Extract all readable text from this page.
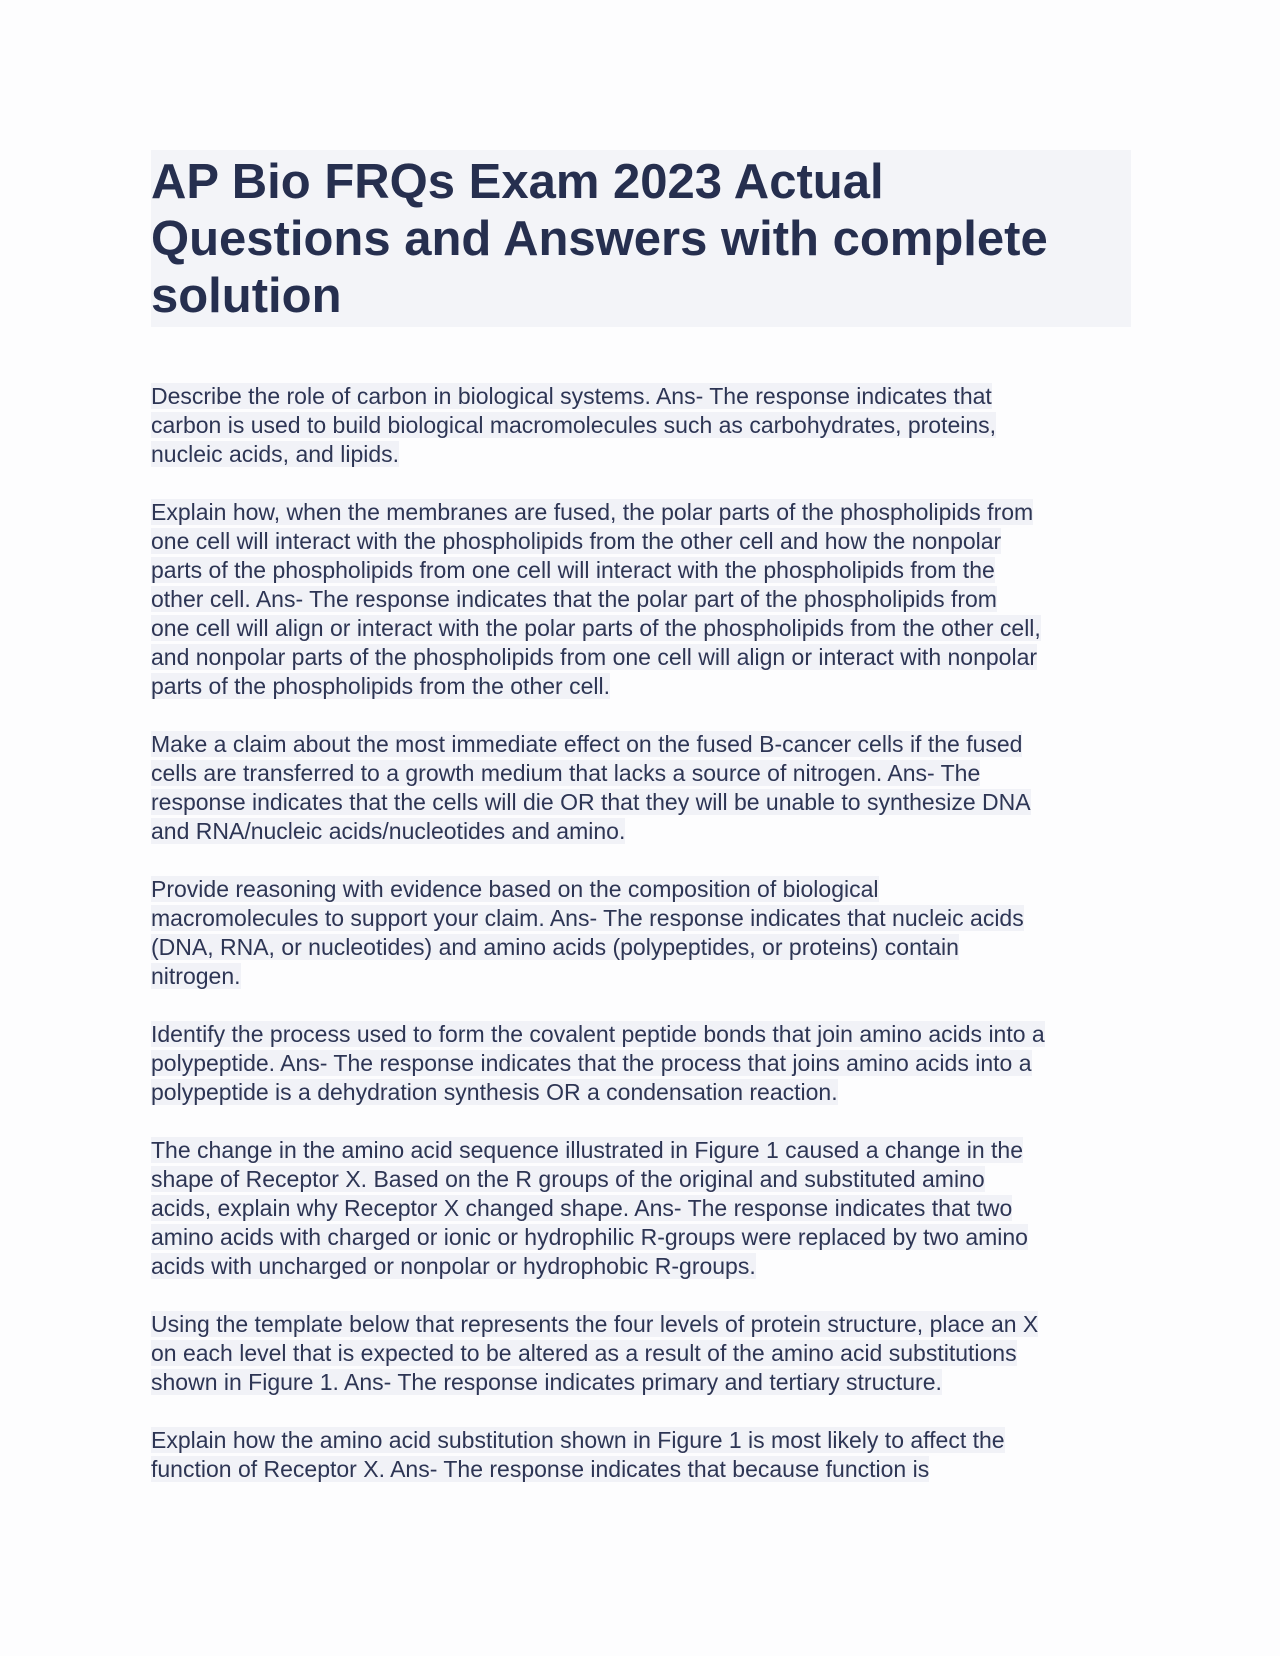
AP Bio FRQs Exam 2023 Actual
Questions and Answers with complete
solution

Describe the role of carbon in biological systems. Ans- The response indicates that
carbon is used to build biological macromolecules such as carbohydrates, proteins,
nucleic acids, and lipids.

Explain how, when the membranes are fused, the polar parts of the phospholipids from
one cell will interact with the phospholipids from the other cell and how the nonpolar
parts of the phospholipids from one cell will interact with the phospholipids from the
other cell. Ans- The response indicates that the polar part of the phospholipids from
one cell will align or interact with the polar parts of the phospholipids from the other cell,
and nonpolar parts of the phospholipids from one cell will align or interact with nonpolar
parts of the phospholipids from the other cell.

Make a claim about the most immediate effect on the fused B-cancer cells if the fused
cells are transferred to a growth medium that lacks a source of nitrogen. Ans- The
response indicates that the cells will die OR that they will be unable to synthesize DNA
and RNA/nucleic acids/nucleotides and amino.

Provide reasoning with evidence based on the composition of biological
macromolecules to support your claim. Ans- The response indicates that nucleic acids
(DNA, RNA, or nucleotides) and amino acids (polypeptides, or proteins) contain
nitrogen.

Identify the process used to form the covalent peptide bonds that join amino acids into a
polypeptide. Ans- The response indicates that the process that joins amino acids into a
polypeptide is a dehydration synthesis OR a condensation reaction.

The change in the amino acid sequence illustrated in Figure 1 caused a change in the
shape of Receptor X. Based on the R groups of the original and substituted amino
acids, explain why Receptor X changed shape. Ans- The response indicates that two
amino acids with charged or ionic or hydrophilic R-groups were replaced by two amino
acids with uncharged or nonpolar or hydrophobic R-groups.

Using the template below that represents the four levels of protein structure, place an X
on each level that is expected to be altered as a result of the amino acid substitutions
shown in Figure 1. Ans- The response indicates primary and tertiary structure.

Explain how the amino acid substitution shown in Figure 1 is most likely to affect the
function of Receptor X. Ans- The response indicates that because function is
